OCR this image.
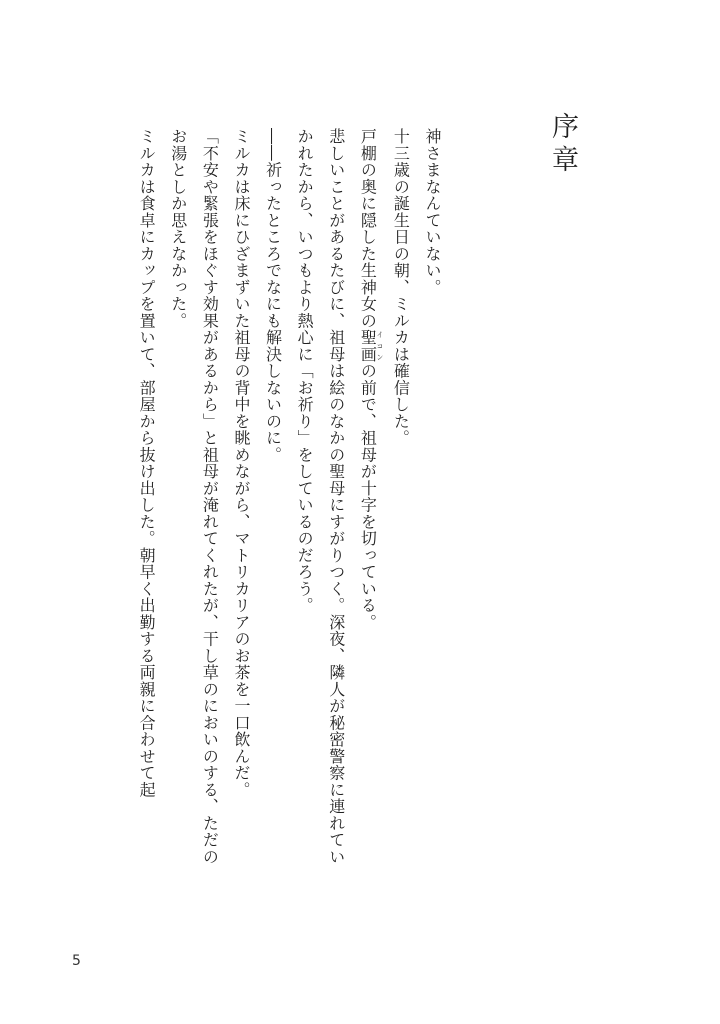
序章

神さまなんていない。

十三歳の誕生日の朝、ミルカは確信した。

戸棚の奥に隠した生神女の聖画イコンの前で、祖母が十字を切っている。

悲しいことがあるたびに、祖母は絵のなかの聖母にすがりつく。深夜、隣人が秘密警察に連れていかれたから、いつもより熱心に「お祈り」をしているのだろう。

――祈ったところでなにも解決しないのに。

ミルカは床にひざまずいた祖母の背中を眺めながら、マトリカリアのお茶を一口飲んだ。

「不安や緊張をほぐす効果があるから」と祖母が淹れてくれたが、干し草のにおいのする、ただのお湯としか思えなかった。

ミルカは食卓にカップを置いて、部屋から抜け出した。朝早く出勤する両親に合わせて起

5
